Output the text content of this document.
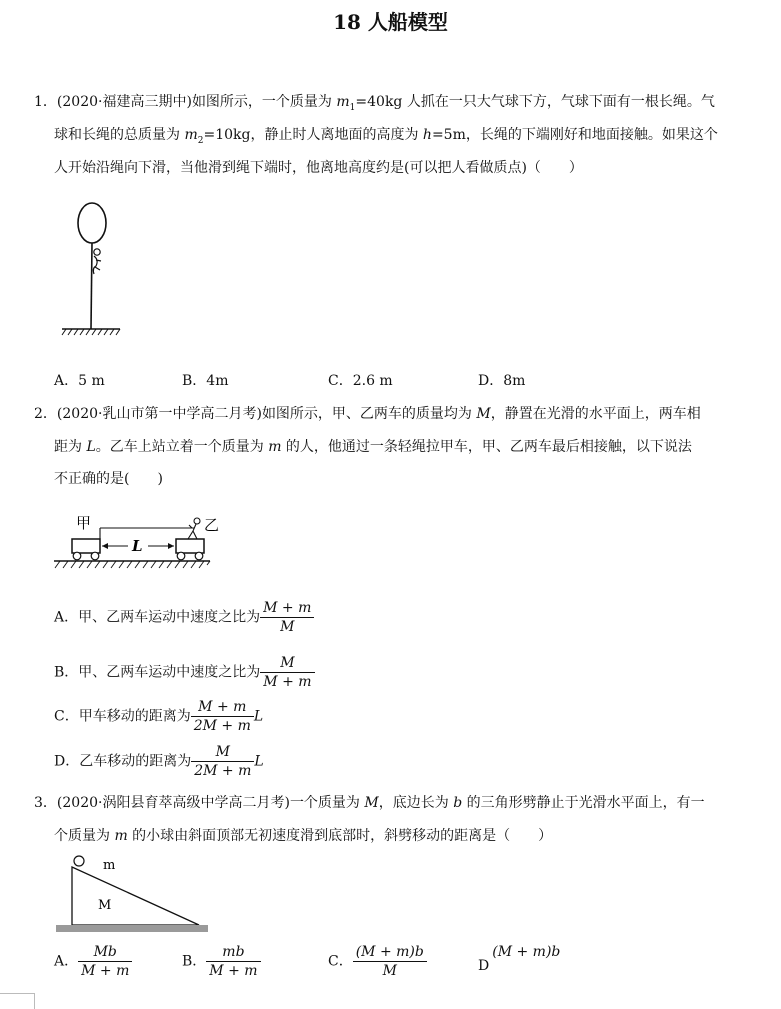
18 人船模型
1．(2020·福建高三期中)如图所示，一个质量为 $m_1=40kg$ 人抓在一只大气球下方，气球下面有一根长绳。气
球和长绳的总质量为 $m_2=10kg$，静止时人离地面的高度为 h=5m，长绳的下端刚好和地面接触。如果这个
人开始沿绳向下滑，当他滑到绳下端时，他离地高度约是(可以把人看做质点)（　　）
A．5 m	B．4m	C．2.6 m	D．8m
2．(2020·乳山市第一中学高二月考)如图所示，甲、乙两车的质量均为 M，静置在光滑的水平面上，两车相
距为 L。乙车上站立着一个质量为 m 的人，他通过一条轻绳拉甲车，甲、乙两车最后相接触，以下说法
不正确的是(　　)
甲	乙
L
A．甲、乙两车运动中速度之比为 $\frac{M + m}{M}$
B．甲、乙两车运动中速度之比为 $\frac{M}{M + m}$
C．甲车移动的距离为 $\frac{M + m}{2M + m}$ L
D．乙车移动的距离为 $\frac{M}{2M + m}$ L
3．(2020·涡阳县育萃高级中学高二月考)一个质量为 M，底边长为 b 的三角形劈静止于光滑水平面上，有一
个质量为 m 的小球由斜面顶部无初速度滑到底部时，斜劈移动的距离是（　　）
m
M
A． $\frac{Mb}{M + m}$	B． $\frac{mb}{M + m}$	C． $\frac{(M + m)b}{M}$	D
(M + m)b
